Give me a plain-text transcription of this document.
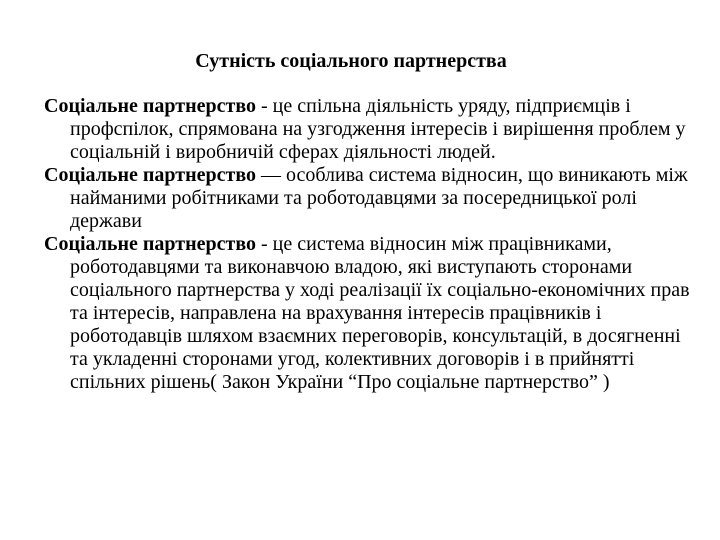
Сутність соціального партнерства

Соціальне партнерство - це спільна діяльність уряду, підприємців і профспілок, спрямована на узгодження інтересів і вирішення проблем у соціальній і виробничій сферах діяльності людей.

Соціальне партнерство — особлива система відносин, що виникають між найманими робітниками та роботодавцями за посередницької ролі держави

Соціальне партнерство - це система відносин між працівниками, роботодавцями та виконавчою владою, які виступають сторонами соціального партнерства у ході реалізації їх соціально-економічних прав та інтересів, направлена на врахування інтересів працівників і роботодавців шляхом взаємних переговорів, консультацій, в досягненні та укладенні сторонами угод, колективних договорів і в прийнятті спільних рішень( Закон України “Про соціальне партнерство” )
